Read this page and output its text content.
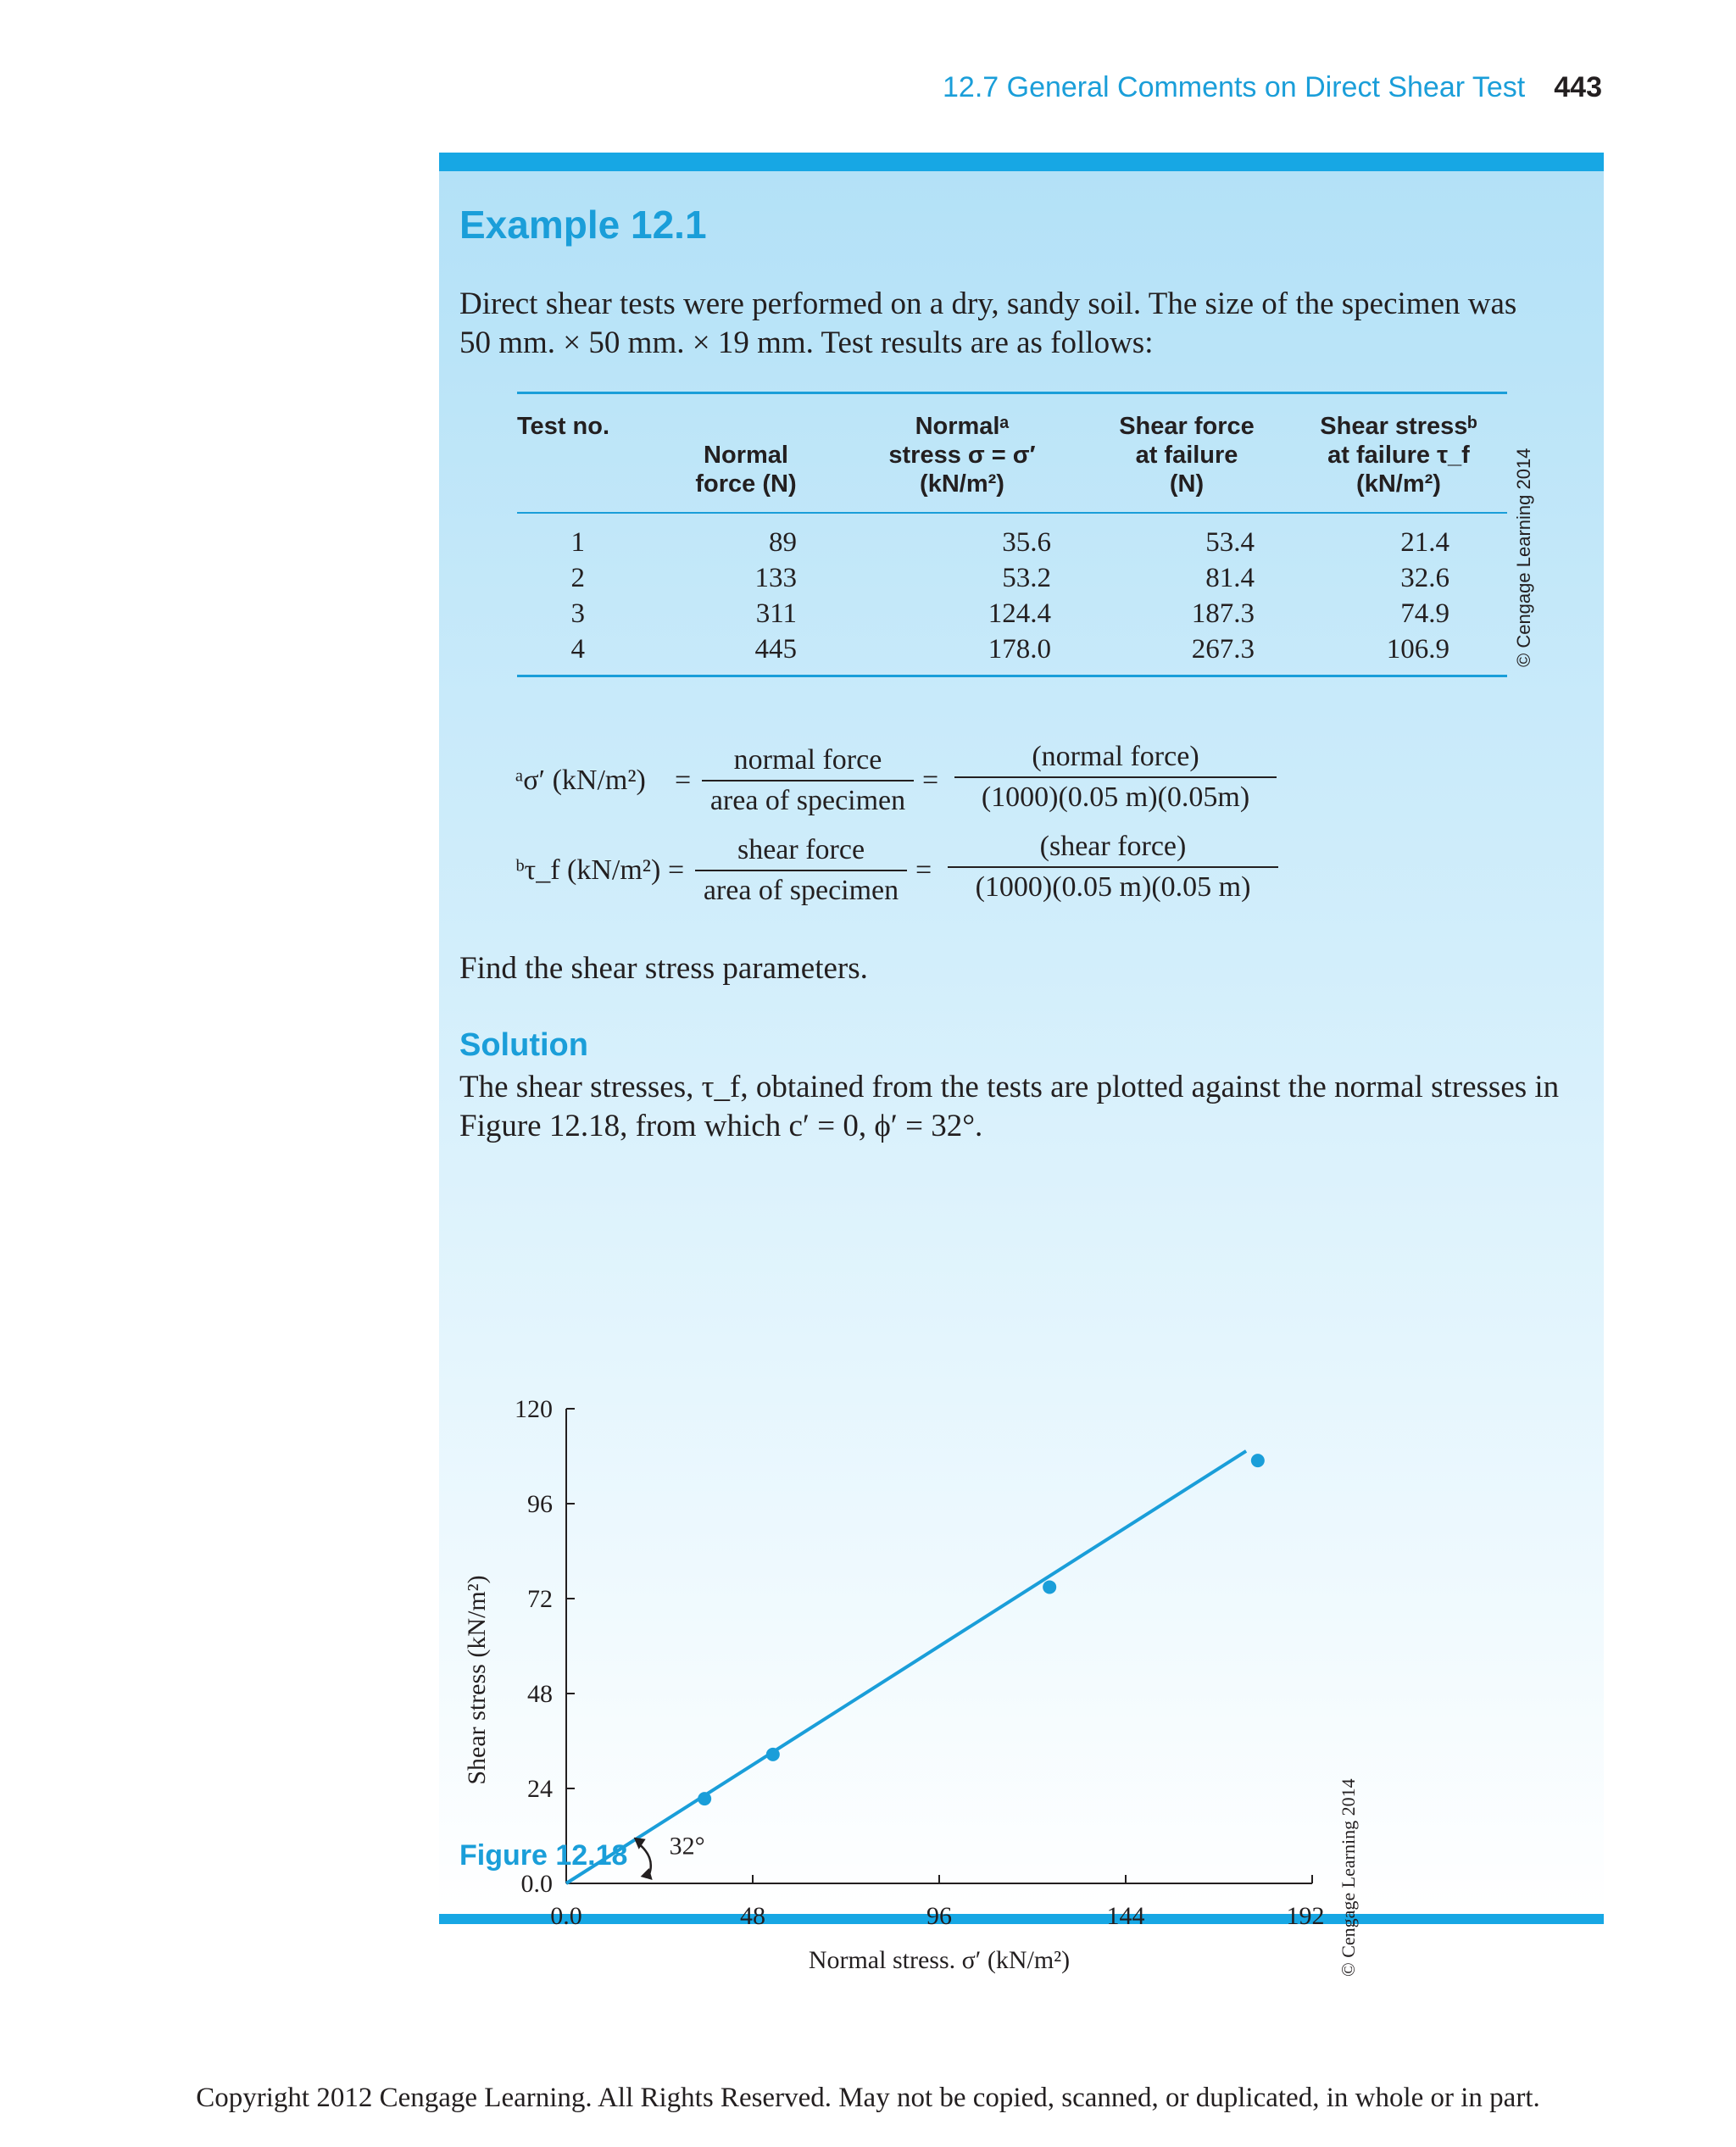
12.7 General Comments on Direct Shear Test 443
Example 12.1
Direct shear tests were performed on a dry, sandy soil. The size of the specimen was
50 mm. × 50 mm. × 19 mm. Test results are as follows:
Test no.

Normal
force (N)
Normalᵃ
stress σ = σ′
(kN/m²)
Shear force
at failure
(N)
Shear stressᵇ
at failure τ_f
(kN/m²)
1	89	35.6	53.4	21.4
2	133	53.2	81.4	32.6
3	311	124.4	187.3	74.9
4	445	178.0	267.3	106.9	© Cengage Learning 2014
ᵃσ′ (kN/m²) =
normal force
area of specimen
=
(normal force)
(1000)(0.05 m)(0.05m)
ᵇτ_f (kN/m²) =
shear force
area of specimen
=
(shear force)
(1000)(0.05 m)(0.05 m)
Find the shear stress parameters.
Solution
The shear stresses, τ_f, obtained from the tests are plotted against the normal stresses in
Figure 12.18, from which c′ = 0, ϕ′ = 32°.
0.0	48	96	144	192
0.0
24
48
72
96
120
Normal stress. σ′ (kN/m²)
Shear stress (kN/m²)
32°	© Cengage Learning 2014
Figure 12.18
Copyright 2012 Cengage Learning. All Rights Reserved. May not be copied, scanned, or duplicated, in whole or in part.
